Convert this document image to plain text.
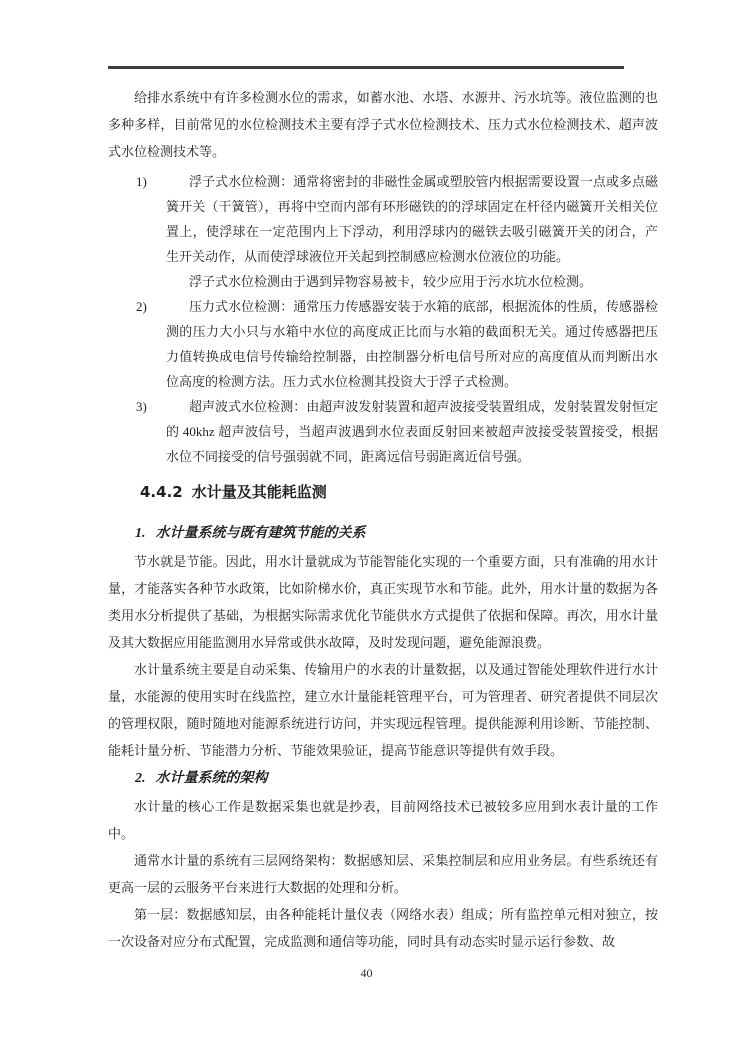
给排水系统中有许多检测水位的需求，如蓄水池、水塔、水源井、污水坑等。液位监测的也多种多样，目前常见的水位检测技术主要有浮子式水位检测技术、压力式水位检测技术、超声波式水位检测技术等。

1)	浮子式水位检测：通常将密封的非磁性金属或塑胶管内根据需要设置一点或多点磁簧开关（干簧管），再将中空而内部有环形磁铁的的浮球固定在杆径内磁簧开关相关位置上，使浮球在一定范围内上下浮动，利用浮球内的磁铁去吸引磁簧开关的闭合，产生开关动作，从而使浮球液位开关起到控制感应检测水位液位的功能。
浮子式水位检测由于遇到异物容易被卡，较少应用于污水坑水位检测。
2)	压力式水位检测：通常压力传感器安装于水箱的底部，根据流体的性质，传感器检测的压力大小只与水箱中水位的高度成正比而与水箱的截面积无关。通过传感器把压力值转换成电信号传输给控制器，由控制器分析电信号所对应的高度值从而判断出水位高度的检测方法。压力式水位检测其投资大于浮子式检测。
3)	超声波式水位检测：由超声波发射装置和超声波接受装置组成，发射装置发射恒定的 40khz 超声波信号，当超声波遇到水位表面反射回来被超声波接受装置接受，根据水位不同接受的信号强弱就不同，距离远信号弱距离近信号强。
4.4.2 水计量及其能耗监测
1. 水计量系统与既有建筑节能的关系

节水就是节能。因此，用水计量就成为节能智能化实现的一个重要方面，只有准确的用水计量，才能落实各种节水政策，比如阶梯水价，真正实现节水和节能。此外，用水计量的数据为各类用水分析提供了基础，为根据实际需求优化节能供水方式提供了依据和保障。再次，用水计量及其大数据应用能监测用水异常或供水故障，及时发现问题，避免能源浪费。

水计量系统主要是自动采集、传输用户的水表的计量数据，以及通过智能处理软件进行水计量，水能源的使用实时在线监控，建立水计量能耗管理平台，可为管理者、研究者提供不同层次的管理权限，随时随地对能源系统进行访问，并实现远程管理。提供能源利用诊断、节能控制、能耗计量分析、节能潜力分析、节能效果验证，提高节能意识等提供有效手段。

2. 水计量系统的架构

水计量的核心工作是数据采集也就是抄表，目前网络技术已被较多应用到水表计量的工作中。

通常水计量的系统有三层网络架构：数据感知层、采集控制层和应用业务层。有些系统还有更高一层的云服务平台来进行大数据的处理和分析。

第一层：数据感知层，由各种能耗计量仪表（网络水表）组成；所有监控单元相对独立，按一次设备对应分布式配置，完成监测和通信等功能，同时具有动态实时显示运行参数、故

40
